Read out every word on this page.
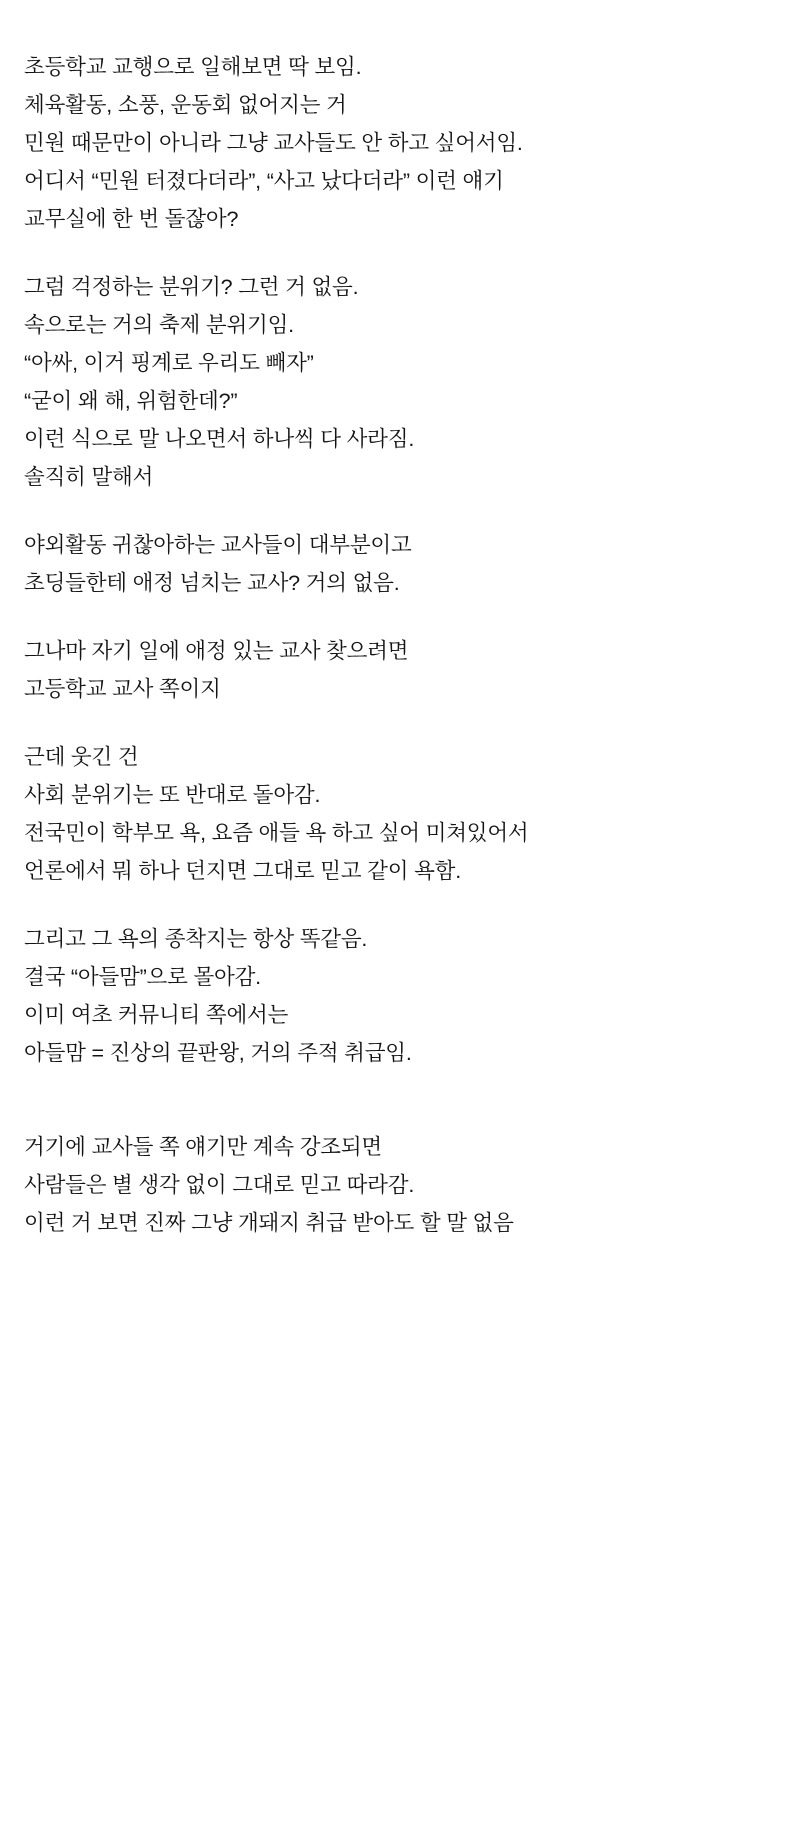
초등학교 교행으로 일해보면 딱 보임.
체육활동, 소풍, 운동회 없어지는 거
민원 때문만이 아니라 그냥 교사들도 안 하고 싶어서임.
어디서 “민원 터졌다더라”, “사고 났다더라” 이런 얘기
교무실에 한 번 돌잖아?
그럼 걱정하는 분위기? 그런 거 없음.
속으로는 거의 축제 분위기임.
“아싸, 이거 핑계로 우리도 빼자”
“굳이 왜 해, 위험한데?”
이런 식으로 말 나오면서 하나씩 다 사라짐.
솔직히 말해서
야외활동 귀찮아하는 교사들이 대부분이고
초딩들한테 애정 넘치는 교사? 거의 없음.
그나마 자기 일에 애정 있는 교사 찾으려면
고등학교 교사 쪽이지
근데 웃긴 건
사회 분위기는 또 반대로 돌아감.
전국민이 학부모 욕, 요즘 애들 욕 하고 싶어 미쳐있어서
언론에서 뭐 하나 던지면 그대로 믿고 같이 욕함.
그리고 그 욕의 종착지는 항상 똑같음.
결국 “아들맘”으로 몰아감.
이미 여초 커뮤니티 쪽에서는
아들맘 = 진상의 끝판왕, 거의 주적 취급임.
거기에 교사들 쪽 얘기만 계속 강조되면
사람들은 별 생각 없이 그대로 믿고 따라감.
이런 거 보면 진짜 그냥 개돼지 취급 받아도 할 말 없음
